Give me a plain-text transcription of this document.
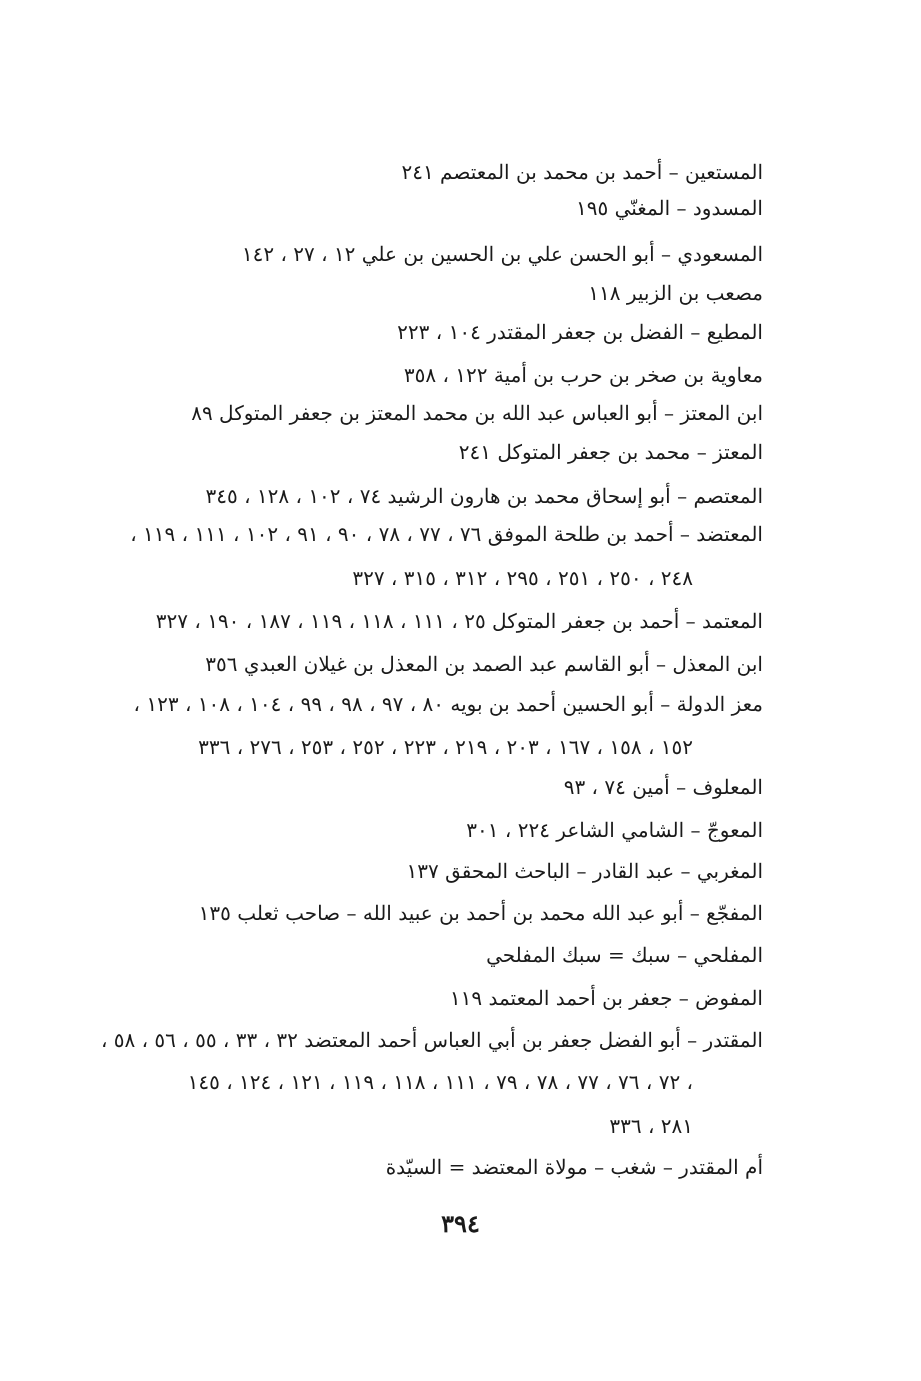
المستعين – أحمد بن محمد بن المعتصم ٢٤١
المسدود – المغنّي ١٩٥
المسعودي – أبو الحسن علي بن الحسين بن علي ١٢ ، ٢٧ ، ١٤٢
مصعب بن الزبير ١١٨
المطيع – الفضل بن جعفر المقتدر ١٠٤ ، ٢٢٣
معاوية بن صخر بن حرب بن أمية ١٢٢ ، ٣٥٨
ابن المعتز – أبو العباس عبد الله بن محمد المعتز بن جعفر المتوكل ٨٩
المعتز – محمد بن جعفر المتوكل ٢٤١
المعتصم – أبو إسحاق محمد بن هارون الرشيد ٧٤ ، ١٠٢ ، ١٢٨ ، ٣٤٥
المعتضد – أحمد بن طلحة الموفق ٧٦ ، ٧٧ ، ٧٨ ، ٩٠ ، ٩١ ، ١٠٢ ، ١١١ ، ١١٩ ،
٢٤٨ ، ٢٥٠ ، ٢٥١ ، ٢٩٥ ، ٣١٢ ، ٣١٥ ، ٣٢٧
المعتمد – أحمد بن جعفر المتوكل ٢٥ ، ١١١ ، ١١٨ ، ١١٩ ، ١٨٧ ، ١٩٠ ، ٣٢٧
ابن المعذل – أبو القاسم عبد الصمد بن المعذل بن غيلان العبدي ٣٥٦
معز الدولة – أبو الحسين أحمد بن بويه ٨٠ ، ٩٧ ، ٩٨ ، ٩٩ ، ١٠٤ ، ١٠٨ ، ١٢٣ ،
١٥٢ ، ١٥٨ ، ١٦٧ ، ٢٠٣ ، ٢١٩ ، ٢٢٣ ، ٢٥٢ ، ٢٥٣ ، ٢٧٦ ، ٣٣٦
المعلوف – أمين ٧٤ ، ٩٣
المعوجّ – الشامي الشاعر ٢٢٤ ، ٣٠١
المغربي – عبد القادر – الباحث المحقق ١٣٧
المفجّع – أبو عبد الله محمد بن أحمد بن عبيد الله – صاحب ثعلب ١٣٥
المفلحي – سبك = سبك المفلحي
المفوض – جعفر بن أحمد المعتمد ١١٩
المقتدر – أبو الفضل جعفر بن أبي العباس أحمد المعتضد ٣٢ ، ٣٣ ، ٥٥ ، ٥٦ ، ٥٨ ،
٧٢ ، ٧٦ ، ٧٧ ، ٧٨ ، ٧٩ ، ١١١ ، ١١٨ ، ١١٩ ، ١٢١ ، ١٢٤ ، ١٤٥ ،
٢٨١ ، ٣٣٦
أم المقتدر – شغب – مولاة المعتضد = السيّدة
٣٩٤
